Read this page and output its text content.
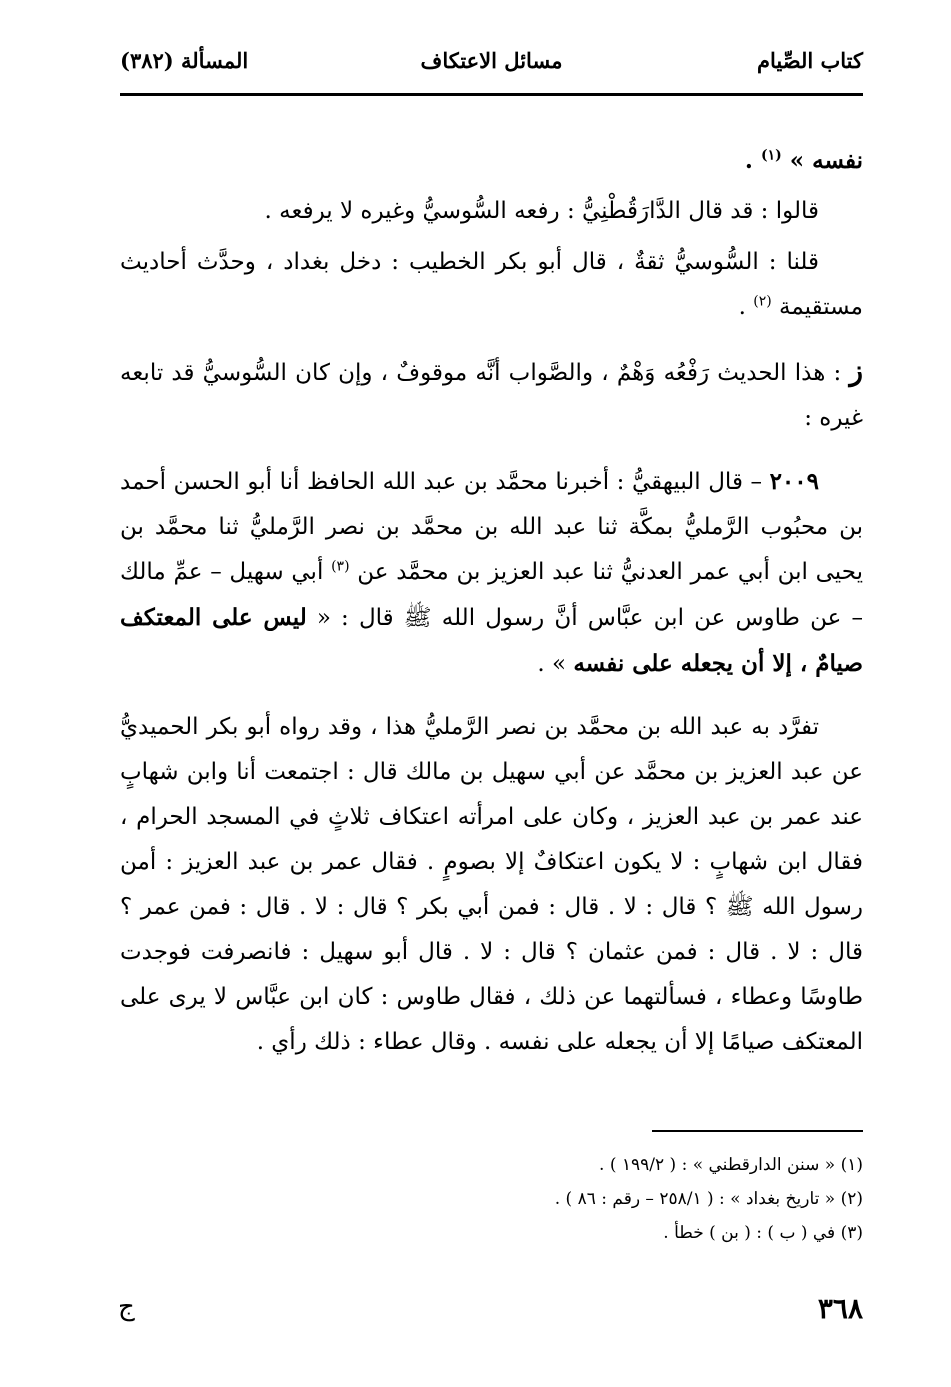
كتاب الصِّيام
مسائل الاعتكاف
المسألة (٣٨٢)

نفسه » $^{(١)}$ .

قالوا : قد قال الدَّارَقُطْنِيُّ : رفعه السُّوسيُّ وغيره لا يرفعه .

قلنا : السُّوسيُّ ثقةٌ ، قال أبو بكر الخطيب : دخل بغداد ، وحدَّث أحاديث مستقيمة $^{(٢)}$ .

ز : هذا الحديث رَفْعُه وَهْمٌ ، والصَّواب أنَّه موقوفٌ ، وإن كان السُّوسيُّ قد تابعه غيره :

٢٠٠٩ – قال البيهقيُّ : أخبرنا محمَّد بن عبد الله الحافظ أنا أبو الحسن أحمد بن محبُوب الرَّمليُّ بمكَّة ثنا عبد الله بن محمَّد بن نصر الرَّمليُّ ثنا محمَّد بن يحيى ابن أبي عمر العدنيُّ ثنا عبد العزيز بن محمَّد عن $^{(٣)}$ أبي سهيل – عمِّ مالك – عن طاوس عن ابن عبَّاس أنَّ رسول الله ﷺ قال : « ليس على المعتكف صيامٌ ، إلا أن يجعله على نفسه » .

تفرَّد به عبد الله بن محمَّد بن نصر الرَّمليُّ هذا ، وقد رواه أبو بكر الحميديُّ عن عبد العزيز بن محمَّد عن أبي سهيل بن مالك قال : اجتمعت أنا وابن شهابٍ عند عمر بن عبد العزيز ، وكان على امرأته اعتكاف ثلاثٍ في المسجد الحرام ، فقال ابن شهابٍ : لا يكون اعتكافٌ إلا بصومٍ . فقال عمر بن عبد العزيز : أمن رسول الله ﷺ ؟ قال : لا . قال : فمن أبي بكر ؟ قال : لا . قال : فمن عمر ؟ قال : لا . قال : فمن عثمان ؟ قال : لا . قال أبو سهيل : فانصرفت فوجدت طاوسًا وعطاء ، فسألتهما عن ذلك ، فقال طاوس : كان ابن عبَّاس لا يرى على المعتكف صيامًا إلا أن يجعله على نفسه . وقال عطاء : ذلك رأي .

(١) « سنن الدارقطني » : ( ١٩٩/٢ ) .
(٢) « تاريخ بغداد » : ( ٢٥٨/١ – رقم : ٨٦ ) .
(٣) في ( ب ) : ( بن ) خطأ .
٣٦٨
ج
